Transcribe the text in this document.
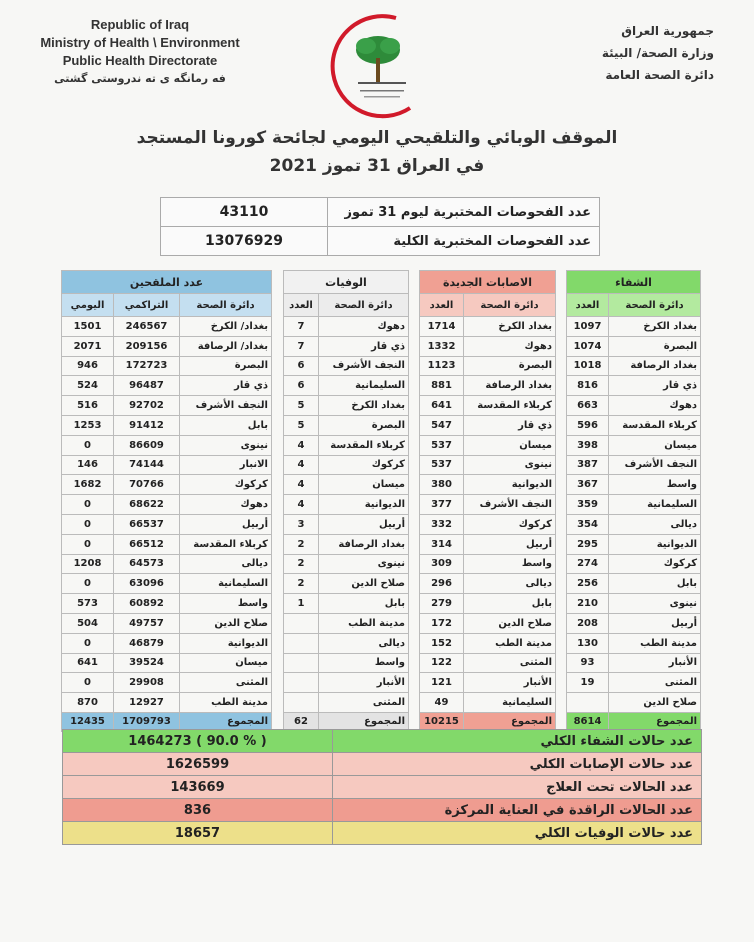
Republic of Iraq
Ministry of Health \ Environment
Public Health Directorate
فه رمانگه ى ته ندروستى گشتى
جمهورية العراق
وزارة الصحة/ البيئة
دائرة الصحة العامة
الموقف الوبائي والتلقيحي اليومي لجائحة كورونا المستجد
في العراق 31 تموز 2021
43110	عدد الفحوصات المختبرية ليوم 31 تموز
13076929	عدد الفحوصات المختبرية الكلية
عدد الملقحين		
اليومي	التراكمي	دائرة الصحة
1501	246567	بغداد/ الكرخ
2071	209156	بغداد/ الرصافة
946	172723	البصرة
524	96487	ذي قار
516	92702	النجف الأشرف
1253	91412	بابل
0	86609	نينوى
146	74144	الانبار
1682	70766	كركوك
0	68622	دهوك
0	66537	أربيل
0	66512	كربلاء المقدسة
1208	64573	ديالى
0	63096	السليمانية
573	60892	واسط
504	49757	صلاح الدين
0	46879	الديوانية
641	39524	ميسان
0	29908	المثنى
870	12927	مدينة الطب
12435	1709793	المجموع
الوفيات	
العدد	دائرة الصحة
7	دهوك
7	ذي قار
6	النجف الأشرف
6	السليمانية
5	بغداد الكرخ
5	البصرة
4	كربلاء المقدسة
4	كركوك
4	ميسان
4	الديوانية
3	أربيل
2	بغداد الرصافة
2	نينوى
2	صلاح الدين
1	بابل
	مدينة الطب
	ديالى
	واسط
	الأنبار
	المثنى
62	المجموع
الاصابات الجديدة	
العدد	دائرة الصحة
1714	بغداد الكرخ
1332	دهوك
1123	البصرة
881	بغداد الرصافة
641	كربلاء المقدسة
547	ذي قار
537	ميسان
537	نينوى
380	الديوانية
377	النجف الأشرف
332	كركوك
314	أربيل
309	واسط
296	ديالى
279	بابل
172	صلاح الدين
152	مدينة الطب
122	المثنى
121	الأنبار
49	السليمانية
10215	المجموع
الشفاء	
العدد	دائرة الصحة
1097	بغداد الكرخ
1074	البصرة
1018	بغداد الرصافة
816	ذي قار
663	دهوك
596	كربلاء المقدسة
398	ميسان
387	النجف الأشرف
367	واسط
359	السليمانية
354	ديالى
295	الديوانية
274	كركوك
256	بابل
210	نينوى
208	أربيل
130	مدينة الطب
93	الأنبار
19	المثنى
	صلاح الدين
8614	المجموع
1464273 ( 90.0 % )	عدد حالات الشفاء الكلي
1626599	عدد حالات الإصابات الكلي
143669	عدد الحالات تحت العلاج
836	عدد الحالات الراقدة في العناية المركزة
18657	عدد حالات الوفيات الكلي
